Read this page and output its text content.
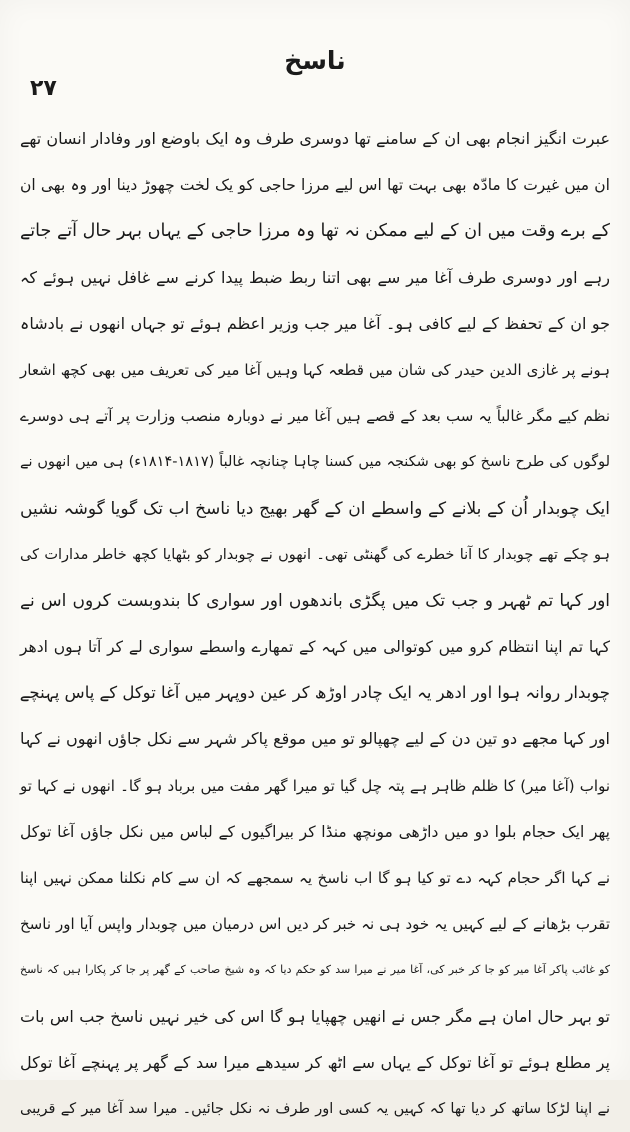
ناسخ
۲۷
عبرت انگیز انجام بھی ان کے سامنے تھا دوسری طرف وہ ایک باوضع اور وفادار انسان تھے
ان میں غیرت کا مادّہ بھی بہت تھا اس لیے مرزا حاجی کو یک لخت چھوڑ دینا اور وہ بھی ان
کے برے وقت میں ان کے لیے ممکن نہ تھا وہ مرزا حاجی کے یہاں بہر حال آتے جاتے
رہے اور دوسری طرف آغا میر سے بھی اتنا ربط ضبط پیدا کرنے سے غافل نہیں ہوئے کہ
جو ان کے تحفظ کے لیے کافی ہو۔ آغا میر جب وزیر اعظم ہوئے تو جہاں انھوں نے بادشاہ
ہونے پر غازی الدین حیدر کی شان میں قطعہ کہا وہیں آغا میر کی تعریف میں بھی کچھ اشعار
نظم کیے مگر غالباً یہ سب بعد کے قصے ہیں آغا میر نے دوبارہ منصب وزارت پر آتے ہی دوسرے
لوگوں کی طرح ناسخ کو بھی شکنجہ میں کسنا چاہا چنانچہ غالباً (۱۸۱۷-۱۸۱۴ء) ہی میں انھوں نے
ایک چوبدار اُن کے بلانے کے واسطے ان کے گھر بھیج دیا ناسخ اب تک گویا گوشہ نشیں
ہو چکے تھے چوبدار کا آنا خطرے کی گھنٹی تھی۔ انھوں نے چوبدار کو بٹھایا کچھ خاطر مدارات کی
اور کہا تم ٹھہر و جب تک میں پگڑی باندھوں اور سواری کا بندوبست کروں اس نے
کہا تم اپنا انتظام کرو میں کوتوالی میں کہہ کے تمھارے واسطے سواری لے کر آتا ہوں ادھر
چوبدار روانہ ہوا اور ادھر یہ ایک چادر اوڑھ کر عین دوپہر میں آغا توکل کے پاس پہنچے
اور کہا مجھے دو تین دن کے لیے چھپالو تو میں موقع پاکر شہر سے نکل جاؤں انھوں نے کہا
نواب (آغا میر) کا ظلم ظاہر ہے پتہ چل گیا تو میرا گھر مفت میں برباد ہو گا۔ انھوں نے کہا تو
پھر ایک حجام بلوا دو میں داڑھی مونچھ منڈا کر بیراگیوں کے لباس میں نکل جاؤں آغا توکل
نے کہا اگر حجام کہہ دے تو کیا ہو گا اب ناسخ یہ سمجھے کہ ان سے کام نکلنا ممکن نہیں اپنا
تقرب بڑھانے کے لیے کہیں یہ خود ہی نہ خبر کر دیں اس درمیان میں چوبدار واپس آیا اور ناسخ
کو غائب پاکر آغا میر کو جا کر خبر کی، آغا میر نے میرا سد کو حکم دیا کہ وہ شیخ صاحب کے گھر پر جا کر پکارا ہیں کہ ناسخ
تو بہر حال امان ہے مگر جس نے انھیں چھپایا ہو گا اس کی خیر نہیں ناسخ جب اس بات
پر مطلع ہوئے تو آغا توکل کے یہاں سے اٹھ کر سیدھے میرا سد کے گھر پر پہنچے آغا توکل
نے اپنا لڑکا ساتھ کر دیا تھا کہ کہیں یہ کسی اور طرف نہ نکل جائیں۔ میرا سد آغا میر کے قریبی
